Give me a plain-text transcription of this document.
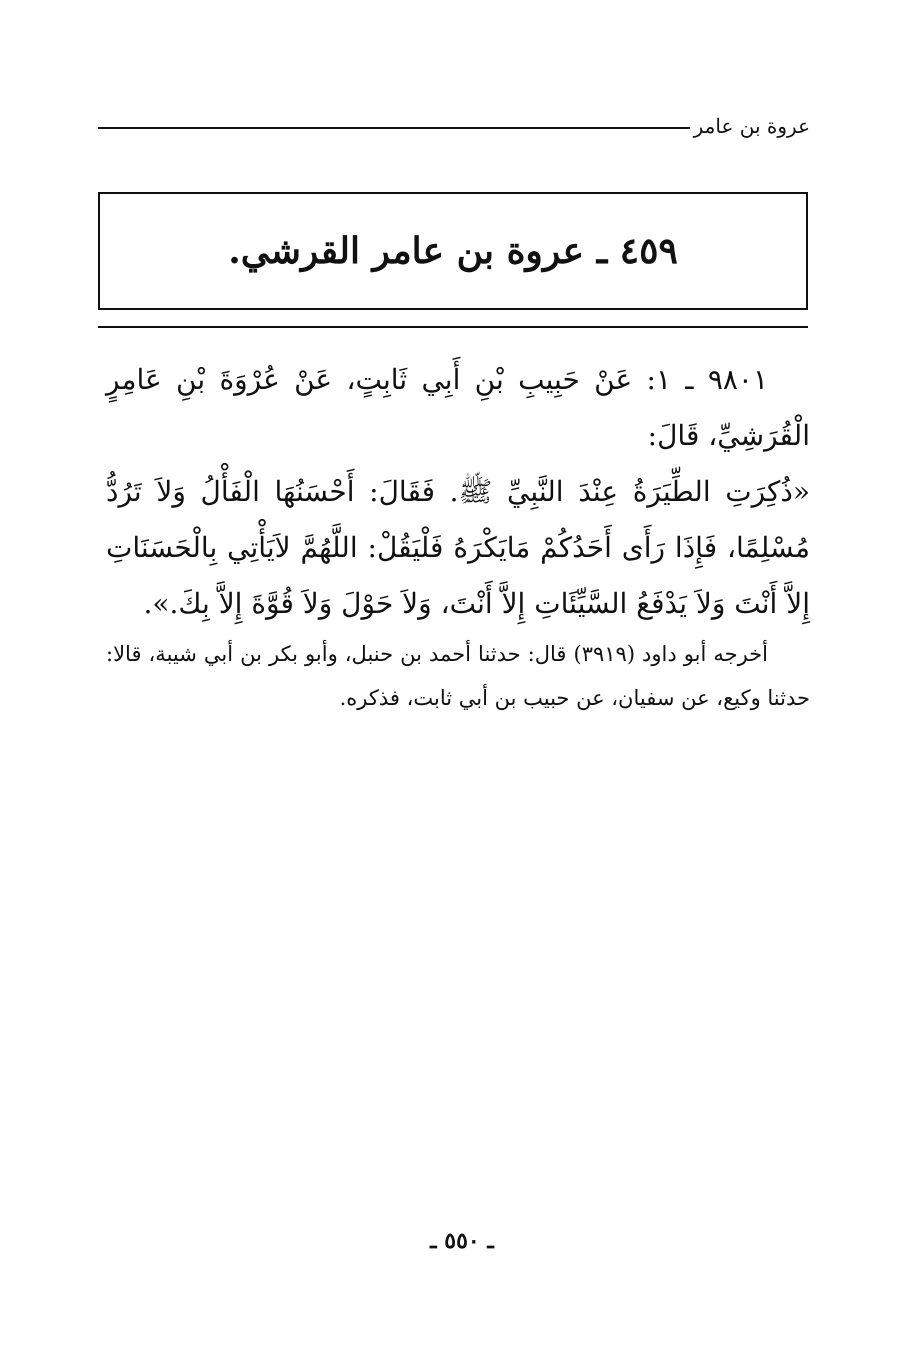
عروة بن عامر
٤٥٩ ـ عروة بن عامر القرشي.

٩٨٠١ ـ ١: عَنْ حَبِيبِ بْنِ أَبِي ثَابِتٍ، عَنْ عُرْوَةَ بْنِ عَامِرٍ الْقُرَشِيِّ، قَالَ:

«ذُكِرَتِ الطِّيَرَةُ عِنْدَ النَّبِيِّ ﷺ. فَقَالَ: أَحْسَنُهَا الْفَأْلُ وَلاَ تَرُدُّ مُسْلِمًا، فَإِذَا رَأَى أَحَدُكُمْ مَايَكْرَهُ فَلْيَقُلْ: اللَّهُمَّ لاَيَأْتِي بِالْحَسَنَاتِ إِلاَّ أَنْتَ وَلاَ يَدْفَعُ السَّيِّئَاتِ إِلاَّ أَنْتَ، وَلاَ حَوْلَ وَلاَ قُوَّةَ إِلاَّ بِكَ.».

أخرجه أبو داود (٣٩١٩) قال: حدثنا أحمد بن حنبل، وأبو بكر بن أبي شيبة، قالا: حدثنا وكيع، عن سفيان، عن حبيب بن أبي ثابت، فذكره.

ـ ٥٥٠ ـ
